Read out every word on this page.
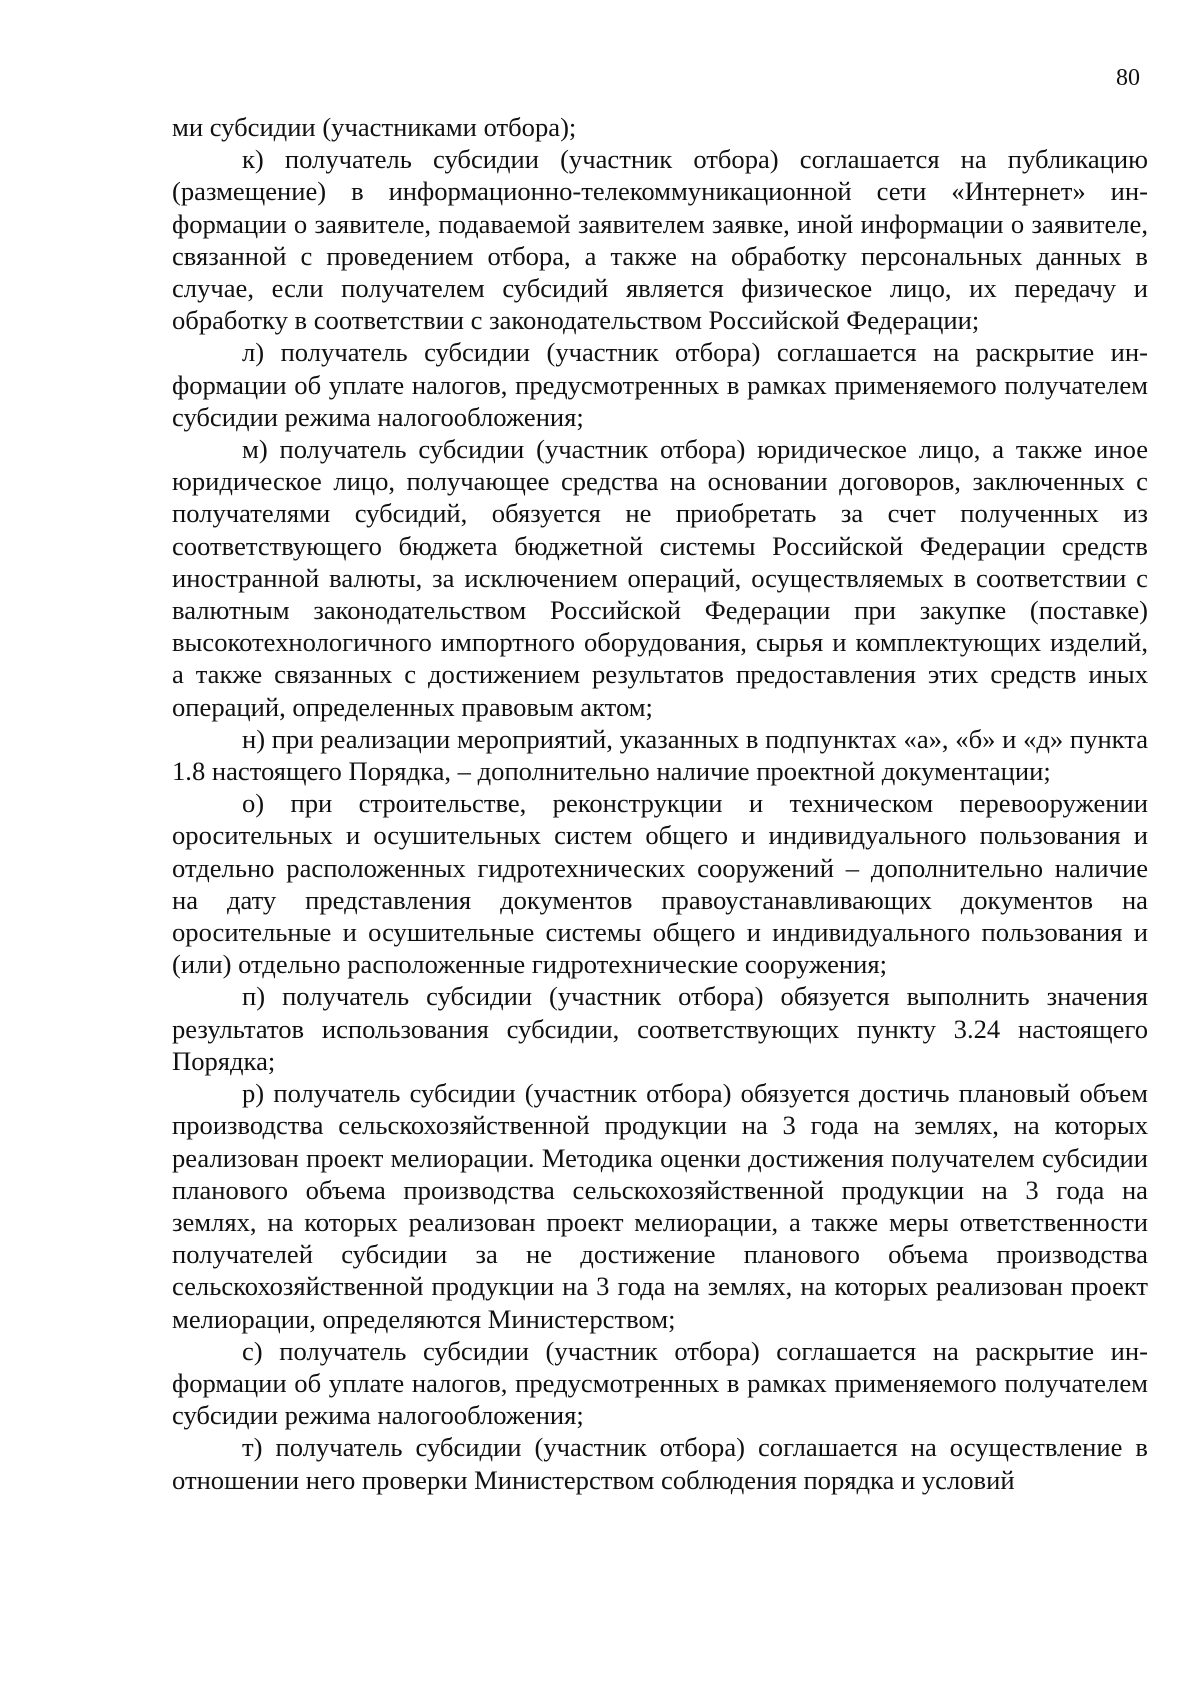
80

ми субсидии (участниками отбора);

к) получатель субсидии (участник отбора) соглашается на публикацию (размещение) в информационно-телекоммуникационной сети «Интернет» информации о заявителе, подаваемой заявителем заявке, иной информации о заявителе, связанной с проведением отбора, а также на обработку персональных данных в случае, если получателем субсидий является физическое лицо, их передачу и обработку в соответствии с законодательством Российской Федерации;

л) получатель субсидии (участник отбора) соглашается на раскрытие информации об уплате налогов, предусмотренных в рамках применяемого получателем субсидии режима налогообложения;

м) получатель субсидии (участник отбора) юридическое лицо, а также иное юридическое лицо, получающее средства на основании договоров, заключенных с получателями субсидий, обязуется не приобретать за счет полученных из соответствующего бюджета бюджетной системы Российской Федерации средств иностранной валюты, за исключением операций, осуществляемых в соответствии с валютным законодательством Российской Федерации при закупке (поставке) высокотехнологичного импортного оборудования, сырья и комплектующих изделий, а также связанных с достижением результатов предоставления этих средств иных операций, определенных правовым актом;

н) при реализации мероприятий, указанных в подпунктах «а», «б» и «д» пункта 1.8 настоящего Порядка, – дополнительно наличие проектной документации;

о) при строительстве, реконструкции и техническом перевооружении оросительных и осушительных систем общего и индивидуального пользования и отдельно расположенных гидротехнических сооружений – дополнительно наличие на дату представления документов правоустанавливающих документов на оросительные и осушительные системы общего и индивидуального пользования и (или) отдельно расположенные гидротехнические сооружения;

п) получатель субсидии (участник отбора) обязуется выполнить значения результатов использования субсидии, соответствующих пункту 3.24 настоящего Порядка;

р) получатель субсидии (участник отбора) обязуется достичь плановый объем производства сельскохозяйственной продукции на 3 года на землях, на которых реализован проект мелиорации. Методика оценки достижения получателем субсидии планового объема производства сельскохозяйственной продукции на 3 года на землях, на которых реализован проект мелиорации, а также меры ответственности получателей субсидии за не достижение планового объема производства сельскохозяйственной продукции на 3 года на землях, на которых реализован проект мелиорации, определяются Министерством;

с) получатель субсидии (участник отбора) соглашается на раскрытие информации об уплате налогов, предусмотренных в рамках применяемого получателем субсидии режима налогообложения;

т) получатель субсидии (участник отбора) соглашается на осуществление в отношении него проверки Министерством соблюдения порядка и условий
